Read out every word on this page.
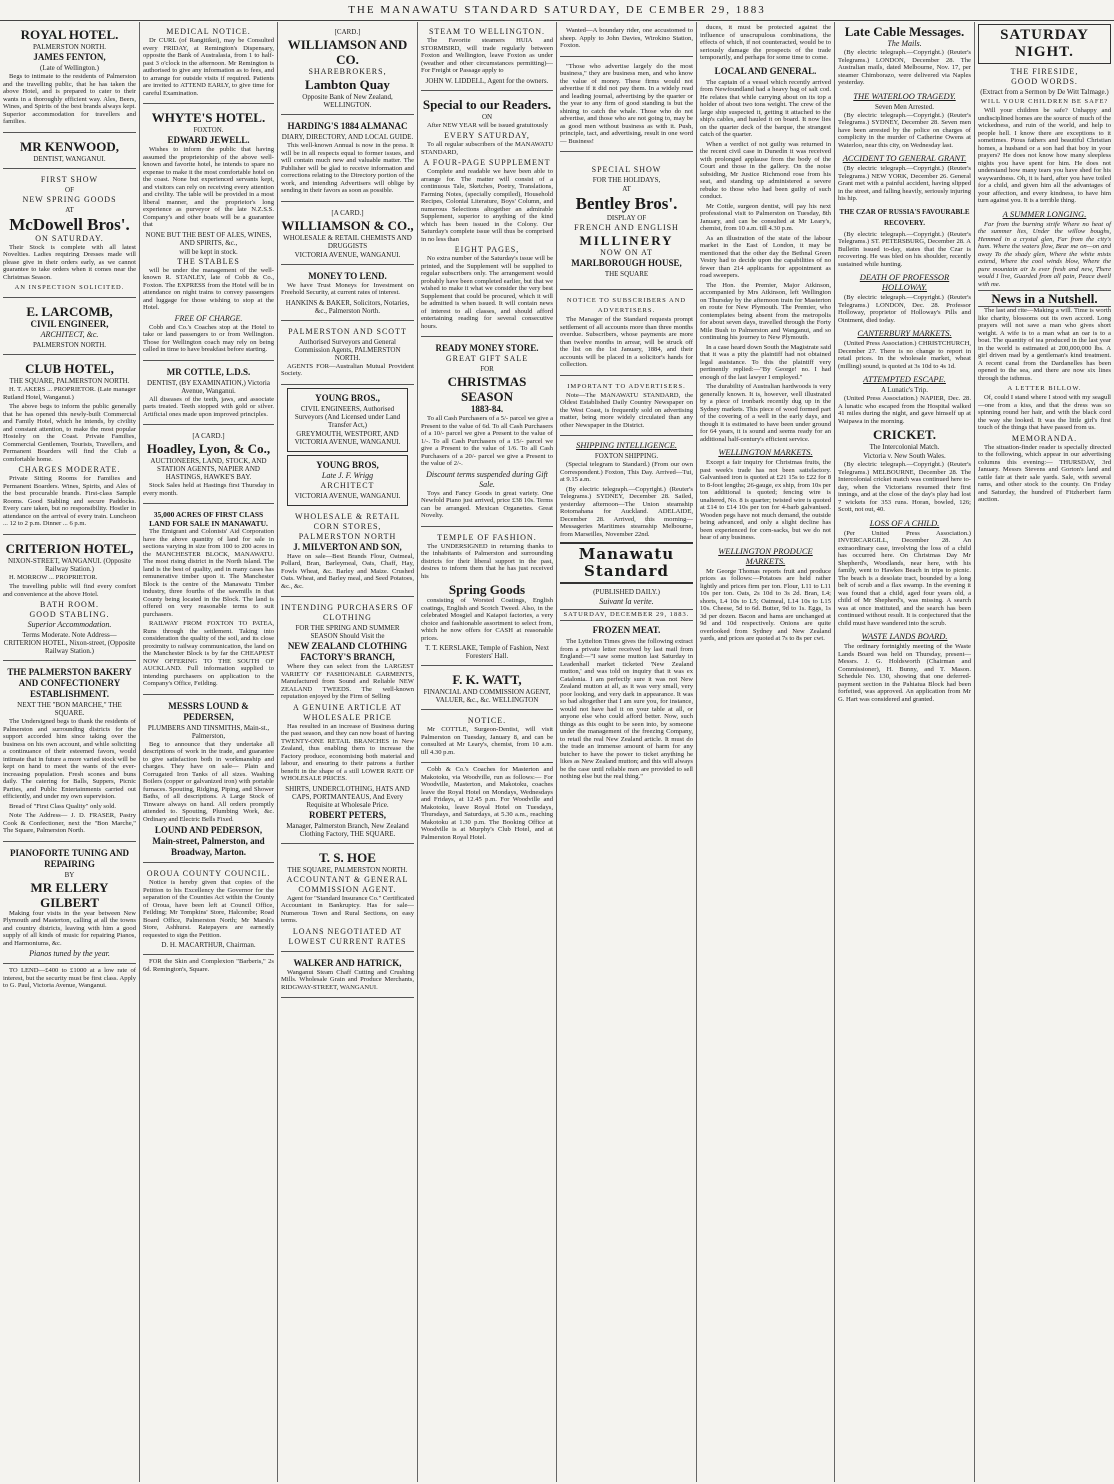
THE MANAWATU STANDARD SATURDAY, DE CEMBER 29, 1883
ROYAL HOTEL.
PALMERSTON NORTH.
JAMES FENTON,
(Late of Wellington.)

Begs to intimate to the residents of Palmerston and the travelling public, that he has taken the above Hotel, and is prepared to cater to their wants in a thoroughly efficient way. Ales, Beers, Wines, and Spirits of the best brands always kept. Superior accommodation for travellers and families.

MR KENWOOD,
DENTIST, WANGANUI.
FIRST SHOW
OF
NEW SPRING GOODS
AT
McDowell Bros'.
ON SATURDAY.

Their Stock is complete with all latest Novelties. Ladies requiring Dresses made will please give in their orders early, as we cannot guarantee to take orders when it comes near the Christmas Season.

AN INSPECTION SOLICITED.
E. LARCOMB,
CIVIL ENGINEER,
ARCHITECT, &c.
PALMERSTON NORTH.
CLUB HOTEL,
THE SQUARE, PALMERSTON NORTH.

H. T. AKERS ... PROPRIETOR. (Late manager Rutland Hotel, Wanganui.)

The above begs to inform the public generally that he has opened this newly-built Commercial and Family Hotel, which he intends, by civility and constant attention, to make the most popular Hostelry on the Coast. Private Families, Commercial Gentlemen, Tourists, Travellers, and Permanent Boarders will find the Club a comfortable home.

CHARGES MODERATE.

Private Sitting Rooms for Families and Permanent Boarders. Wines, Spirits, and Ales of the best procurable brands. First-class Sample Rooms. Good Stabling and secure Paddocks. Every care taken, but no responsibility. Hostler in attendance on the arrival of every train. Luncheon ... 12 to 2 p.m. Dinner ... 6 p.m.

CRITERION HOTEL,
NIXON-STREET, WANGANUI. (Opposite Railway Station.)

H. MORROW ... PROPRIETOR.

The travelling public will find every comfort and convenience at the above Hotel.

BATH ROOM.
GOOD STABLING.
Superior Accommodation.
Terms Moderate. Note Address— CRITERION HOTEL, Nixon-street, (Opposite Railway Station.)
THE PALMERSTON BAKERY AND CONFECTIONERY ESTABLISHMENT.
NEXT THE "BON MARCHE," THE SQUARE.

The Undersigned begs to thank the residents of Palmerston and surrounding districts for the support accorded him since taking over the business on his own account, and while soliciting a continuance of their esteemed favors, would intimate that in future a more varied stock will be kept on hand to meet the wants of the ever-increasing population. Fresh scones and buns daily. The catering for Balls, Suppers, Picnic Parties, and Public Entertainments carried out efficiently, and under my own supervision.

Bread of "First Class Quality" only sold.

Note The Address— J. D. FRASER, Pastry Cook & Confectioner, next the "Bon Marche," The Square, Palmerston North.

PIANOFORTE TUNING AND REPAIRING
BY
MR ELLERY GILBERT

Making four visits in the year between New Plymouth and Masterton, calling at all the towns and country districts, leaving with him a good supply of all kinds of music for repairing Pianos, and Harmoniums, &c.

Pianos tuned by the year.

TO LEND—£400 to £1000 at a low rate of interest, but the security must be first class. Apply to G. Paul, Victoria Avenue, Wanganui.

MEDICAL NOTICE.

Dr CURL (of Rangitikei), may be Consulted every FRIDAY, at Remington's Dispensary, opposite the Bank of Australasia, from 1 to half-past 3 o'clock in the afternoon. Mr Remington is authorised to give any information as to fees, and to arrange for outside visits if required. Patients are invited to ATTEND EARLY, to give time for careful Examination.

WHYTE'S HOTEL.
FOXTON.
EDWARD JEWELL.

Wishes to inform the public that having assumed the proprietorship of the above well-known and favorite hotel, he intends to spare no expense to make it the most comfortable hotel on the coast. None but experienced servants kept, and visitors can rely on receiving every attention and civility. The table will be provided in a most liberal manner, and the proprietor's long experience as purveyor of the late N.Z.S.S. Company's and other boats will be a guarantee that

NONE BUT THE BEST OF ALES, WINES, AND SPIRITS, &c.,
will be kept in stock.
THE STABLES

will be under the management of the well-known R. STANLEY, late of Cobb & Co., Foxton. The EXPRESS from the Hotel will be in attendance on night trains to convey passengers and luggage for those wishing to stop at the Hotel.

FREE OF CHARGE.

Cobb and Co.'s Coaches stop at the Hotel to take or land passengers to or from Wellington. Those for Wellington coach may rely on being called in time to have breakfast before starting.

MR COTTLE, L.D.S.
DENTIST, (BY EXAMINATION,) Victoria Avenue, Wanganui.

All diseases of the teeth, jaws, and associate parts treated. Teeth stopped with gold or silver. Artificial ones made upon improved principles.

[A CARD.]
Hoadley, Lyon, & Co.,
AUCTIONEERS, LAND, STOCK, AND STATION AGENTS, NAPIER AND HASTINGS, HAWKE'S BAY.

Stock Sales held at Hastings first Thursday in every month.

35,000 ACRES OF FIRST CLASS LAND FOR SALE IN MANAWATU.

The Emigrant and Colonists' Aid Corporation have the above quantity of land for sale in sections varying in size from 100 to 200 acres in the MANCHESTER BLOCK, MANAWATU. The most rising district in the North Island. The land is the best of quality, and in many cases has remunerative timber upon it. The Manchester Block is the centre of the Manawatu Timber industry, three fourths of the sawmills in that County being located in the Block. The land is offered on very reasonable terms to suit purchasers.

RAILWAY FROM FOXTON TO PATEA, Runs through the settlement. Taking into consideration the quality of the soil, and its close proximity to railway communication, the land on the Manchester Block is by far the CHEAPEST NOW OFFERING TO THE SOUTH OF AUCKLAND. Full information supplied to intending purchasers on application to the Company's Office, Feilding.

MESSRS LOUND & PEDERSEN,
PLUMBERS AND TINSMITHS, Main-st., Palmerston,

Beg to announce that they undertake all descriptions of work in the trade, and guarantee to give satisfaction both in workmanship and charges. They have on sale— Plain and Corrugated Iron Tanks of all sizes. Washing Boilers (copper or galvanized iron) with portable furnaces. Spouting, Ridging, Piping, and Shower Baths, of all descriptions. A Large Stock of Tinware always on hand. All orders promptly attended to. Spouting, Plumbing Work, &c. Ordinary and Electric Bells Fixed.

LOUND AND PEDERSON, Main-street, Palmerston, and Broadway, Marton.
OROUA COUNTY COUNCIL.

Notice is hereby given that copies of the Petition to his Excellency the Governor for the separation of the Counties Act within the County of Oroua, have been left at Council Office, Feilding; Mr Tompkins' Store, Halcombe; Road Board Office, Palmerston North; Mr Marsh's Store, Ashhurst. Ratepayers are earnestly requested to sign the Petition.

D. H. MACARTHUR, Chairman.

FOR the Skin and Complexion "Barberis," 2s 6d. Remington's, Square.

[CARD.]
WILLIAMSON AND CO.
SHAREBROKERS,
Lambton Quay
Opposite Bank of New Zealand, WELLINGTON.
HARDING'S 1884 ALMANAC
DIARY, DIRECTORY, AND LOCAL GUIDE.

This well-known Annual is now in the press. It will be in all respects equal to former issues, and will contain much new and valuable matter. The Publisher will be glad to receive information and corrections relating to the Directory portion of the work, and intending Advertisers will oblige by sending in their favors as soon as possible.

[A CARD.]
WILLIAMSON & CO.,
WHOLESALE & RETAIL CHEMISTS AND DRUGGISTS
VICTORIA AVENUE, WANGANUI.
MONEY TO LEND.

We have Trust Moneys for Investment on Freehold Security, at current rates of interest.

HANKINS & BAKER, Solicitors, Notaries, &c., Palmerston North.
PALMERSTON AND SCOTT
Authorised Surveyors and General Commission Agents, PALMERSTON NORTH.

AGENTS FOR—Australian Mutual Provident Society.

YOUNG BROS.,
CIVIL ENGINEERS, Authorised Surveyors (And Licensed under Land Transfer Act,)
GREYMOUTH, WESTPORT, AND VICTORIA AVENUE, WANGANUI.
YOUNG BROS,
Late J. F. Wrigg
ARCHITECT
VICTORIA AVENUE, WANGANUI.
WHOLESALE & RETAIL CORN STORES,
PALMERSTON NORTH
J. MILVERTON AND SON,

Have on sale—Best Brands Flour, Oatmeal, Pollard, Bran, Barleymeal, Oats, Chaff, Hay, Fowls Wheat, &c. Barley and Maize. Crushed Oats. Wheat, and Barley meal, and Seed Potatoes, &c., &c.

INTENDING PURCHASERS OF CLOTHING
FOR THE SPRING AND SUMMER SEASON Should Visit the
NEW ZEALAND CLOTHING FACTORY'S BRANCH,

Where they can select from the LARGEST VARIETY OF FASHIONABLE GARMENTS, Manufactured from Sound and Reliable NEW ZEALAND TWEEDS. The well-known reputation enjoyed by the Firm of Selling

A GENUINE ARTICLE AT WHOLESALE PRICE

Has resulted in an increase of Business during the past season, and they can now boast of having TWENTY-ONE RETAIL BRANCHES in New Zealand, thus enabling them to increase the Factory produce, economising both material and labour, and ensuring to their patrons a further benefit in the shape of a still LOWER RATE OF WHOLESALE PRICES.

SHIRTS, UNDERCLOTHING, HATS AND CAPS, PORTMANTEAUS, And Every Requisite at Wholesale Price.
ROBERT PETERS,
Manager, Palmerston Branch, New Zealand Clothing Factory, THE SQUARE.
T. S. HOE
THE SQUARE, PALMERSTON NORTH.
ACCOUNTANT & GENERAL COMMISSION AGENT.

Agent for "Standard Insurance Co." Certificated Accountant in Bankruptcy. Has for sale—Numerous Town and Rural Sections, on easy terms.

LOANS NEGOTIATED AT LOWEST CURRENT RATES
WALKER AND HATRICK,

Wanganui Steam Chaff Cutting and Crushing Mills. Wholesale Grain and Produce Merchants, RIDGWAY-STREET, WANGANUI.

STEAM TO WELLINGTON.

The Favorite steamers HUIA and STORMBIRD, will trade regularly between Foxton and Wellington, leave Foxton as under (weather and other circumstances permitting)— For Freight or Passage apply to

JOHN W. LIDDELL, Agent for the owners.
Special to our Readers.
ON

After NEW YEAR will be issued gratuitously

EVERY SATURDAY,

To all regular subscribers of the MANAWATU STANDARD,

A FOUR-PAGE SUPPLEMENT

Complete and readable we have been able to arrange for. The matter will consist of a continuous Tale, Sketches, Poetry, Translations, Farming Notes, (specially compiled), Household Recipes, Colonial Literature, Boys' Column, and numerous Selections altogether an admirable Supplement, superior to anything of the kind which has been issued in the Colony. Our Saturday's complete issue will thus be comprised in no less than

EIGHT PAGES,

No extra number of the Saturday's issue will be printed, and the Supplement will be supplied to regular subscribers only. The arrangement would probably have been completed earlier, but that we wished to make it what we consider the very best Supplement that could be procured, which it will be admitted is when issued. It will contain news of interest to all classes, and should afford entertaining reading for several consecutive hours.

READY MONEY STORE.
GREAT GIFT SALE
FOR
CHRISTMAS SEASON
1883-84.

To all Cash Purchasers of a 5/- parcel we give a Present to the value of 6d. To all Cash Purchasers of a 10/- parcel we give a Present to the value of 1/-. To all Cash Purchasers of a 15/- parcel we give a Present to the value of 1/6. To all Cash Purchasers of a 20/- parcel we give a Present to the value of 2/-.

Discount terms suspended during Gift Sale.

Toys and Fancy Goods in great variety. One Newfold Piano just arrived, price £38 10s. Terms can be arranged. Mexican Organettes. Great Novelty.

TEMPLE OF FASHION.

The UNDERSIGNED in returning thanks to the inhabitants of Palmerston and surrounding districts for their liberal support in the past, desires to inform them that he has just received his

Spring Goods

consisting of Worsted Coatings, English coatings, English and Scotch Tweed. Also, in the celebrated Mosgiel and Kaiapoi factories, a very choice and fashionable assortment to select from, which he now offers for CASH at reasonable prices.

T. T. KERSLAKE, Temple of Fashion, Next Foresters' Hall.
F. K. WATT,
FINANCIAL AND COMMISSION AGENT, VALUER, &c., &c. WELLINGTON
NOTICE.

Mr COTTLE, Surgeon-Dentist, will visit Palmerston on Tuesday, January 8, and can be consulted at Mr Leary's, chemist, from 10 a.m. till 4.30 p.m.

Cobb & Co.'s Coaches for Masterton and Makotoku, via Woodville, run as follows:— For Woodville, Masterton, and Makotoku, coaches leave the Royal Hotel on Mondays, Wednesdays and Fridays, at 12.45 p.m. For Woodville and Makotoku, leave Royal Hotel on Tuesdays, Thursdays, and Saturdays, at 5.30 a.m., reaching Makotoku at 1.30 p.m. The Booking Office at Woodville is at Murphy's Club Hotel, and at Palmerston Royal Hotel.

Wanted—A boundary rider, one accustomed to sheep. Apply to John Davies, Wirokino Station, Foxton.

"Those who advertise largely do the most business," they are business men, and who know the value of money. These firms would not advertise if it did not pay them. In a widely read and leading journal, advertising by the quarter or the year to any firm of good standing is but the shining to catch the whale. Those who do not advertise, and those who are not going to, may be as good men without business as with it. Push, principle, tact, and advertising, result in one word— Business!

SPECIAL SHOW
FOR THE HOLIDAYS,
AT
Bentley Bros'.
DISPLAY OF
FRENCH AND ENGLISH
MILLINERY
NOW ON AT
MARLBOROUGH HOUSE,
THE SQUARE
NOTICE TO SUBSCRIBERS AND ADVERTISERS.

The Manager of the Standard requests prompt settlement of all accounts more than three months overdue. Subscribers, whose payments are more than twelve months in arrear, will be struck off the list on the 1st January, 1884, and their accounts will be placed in a solicitor's hands for collection.

IMPORTANT TO ADVERTISERS.

Note—The MANAWATU STANDARD, the Oldest Established Daily Country Newspaper on the West Coast, is frequently sold on advertising matter, being more widely circulated than any other Newspaper in the District.

SHIPPING INTELLIGENCE.
FOXTON SHIPPING.

(Special telegram to Standard.) (From our own Correspondent.) Foxton, This Day. Arrived—Tui, at 9.15 a.m.

(By electric telegraph.—Copyright.) (Reuter's Telegrams.) SYDNEY, December 28. Sailed, yesterday afternoon—The Union steamship Rotomahana for Auckland. ADELAIDE, December 28. Arrived, this morning—Messageries Maritimes steamship Melbourne, from Marseilles, November 22nd.

Manawatu Standard
(PUBLISHED DAILY.)
Suivant la verite.
SATURDAY, DECEMBER 29, 1883.
FROZEN MEAT.

The Lyttelton Times gives the following extract from a private letter received by last mail from England:—"I saw some mutton last Saturday in Leadenhall market ticketed 'New Zealand mutton,' and was told on inquiry that it was ex Catalonia. I am perfectly sure it was not New Zealand mutton at all, as it was very small, very poor looking, and very dark in appearance. It was so bad altogether that I am sure you, for instance, would not have had it on your table at all, or anyone else who could afford better. Now, such things as this ought to be seen into, by someone under the management of the freezing Company, to retail the real New Zealand article. It must do the trade an immense amount of harm for any butcher to have the power to ticket anything he likes as New Zealand mutton; and this will always be the case until reliable men are provided to sell nothing else but the real thing."

duces, it must be protected against the influence of unscrupulous combinations, the effects of which, if not counteracted, would be to seriously damage the prospects of the trade temporarily, and perhaps for some time to come.

LOCAL AND GENERAL.

The captain of a vessel which recently arrived from Newfoundland had a heavy bag of salt cod. He relates that while carrying about on its top a holder of about two tons weight. The crew of the large ship suspected it, getting it attached to the ship's cables, and hauled it on board. It now lies on the quarter deck of the barque, the strangest catch of the quarter.

When a verdict of not guilty was returned in the recent civil case in Dunedin it was received with prolonged applause from the body of the Court and those in the gallery. On the noise subsiding, Mr Justice Richmond rose from his seat, and standing up administered a severe rebuke to those who had been guilty of such conduct.

Mr Cottle, surgeon dentist, will pay his next professional visit to Palmerston on Tuesday, 8th January, and can be consulted at Mr Leary's, chemist, from 10 a.m. till 4.30 p.m.

As an illustration of the state of the labour market in the East of London, it may be mentioned that the other day the Bethnal Green Vestry had to decide upon the capabilities of no fewer than 214 applicants for appointment as road sweepers.

The Hon. the Premier, Major Atkinson, accompanied by Mrs Atkinson, left Wellington on Thursday by the afternoon train for Masterton en route for New Plymouth. The Premier, who contemplates being absent from the metropolis for about seven days, travelled through the Forty Mile Bush to Palmerston and Wanganui, and so continuing his journey to New Plymouth.

In a case heard down South the Magistrate said that it was a pity the plaintiff had not obtained legal assistance. To this the plaintiff very pertinently replied:—"By George! no. I had enough of the last lawyer I employed."

The durability of Australian hardwoods is very generally known. It is, however, well illustrated by a piece of ironbark recently dug up in the Sydney markets. This piece of wood formed part of the covering of a well in the early days, and though it is estimated to have been under ground for 64 years, it is sound and seems ready for an additional half-century's efficient service.

WELLINGTON MARKETS.

Except a fair inquiry for Christmas fruits, the past week's trade has not been satisfactory. Galvanised iron is quoted at £21 15s to £22 for 8 to 8-foot lengths; 26-gauge, ex ship, from 10s per ton additional is quoted; fencing wire is unaltered, No. 8 is quarter; twisted wire is quoted at £14 to £14 10s per ton for 4-barb galvanised. Wooden pegs have not much demand, the outside being advanced, and only a slight decline has been experienced for corn-sacks, but we do not hear of any business.

WELLINGTON PRODUCE MARKETS.

Mr George Thomas reports fruit and produce prices as follows:—Potatoes are held rather lightly and prices firm per ton. Flour, L11 to L11 10s per ton. Oats, 2s 10d to 3s 2d. Bran, L4; shorts, L4 10s to L5; Oatmeal, L14 10s to L15 10s. Cheese, 5d to 6d. Butter, 9d to 1s. Eggs, 1s 3d per dozen. Bacon and hams are unchanged at 9d and 10d respectively. Onions are quite overlooked from Sydney and New Zealand yards, and prices are quoted at 7s to 8s per cwt.

Late Cable Messages.
The Mails.

(By electric telegraph.—Copyright.) (Reuter's Telegrams.) LONDON, December 28. The Australian mails, dated Melbourne, Nov. 17, per steamer Chimborazo, were delivered via Naples yesterday.

THE WATERLOO TRAGEDY.
Seven Men Arrested.

(By electric telegraph.—Copyright.) (Reuter's Telegrams.) SYDNEY, December 28. Seven men have been arrested by the police on charges of complicity in the murder of Catherine Owens at Waterloo, near this city, on Wednesday last.

ACCIDENT TO GENERAL GRANT.

(By electric telegraph.—Copyright.) (Reuter's Telegrams.) NEW YORK, December 26. General Grant met with a painful accident, having slipped in the street, and falling heavily, seriously injuring his hip.

THE CZAR OF RUSSIA'S FAVOURABLE RECOVERY.

(By electric telegraph.—Copyright.) (Reuter's Telegrams.) ST. PETERSBURG, December 28. A Bulletin issued to-day, states that the Czar is recovering. He was bled on his shoulder, recently sustained while hunting.

DEATH OF PROFESSOR HOLLOWAY.

(By electric telegraph.—Copyright.) (Reuter's Telegrams.) LONDON, Dec. 28. Professor Holloway, proprietor of Holloway's Pills and Ointment, died today.

CANTERBURY MARKETS.

(United Press Association.) CHRISTCHURCH, December 27. There is no change to report in retail prices. In the wholesale market, wheat (milling) sound, is quoted at 3s 10d to 4s 1d.

ATTEMPTED ESCAPE.
A Lunatic's Trip.

(United Press Association.) NAPIER, Dec. 28. A lunatic who escaped from the Hospital walked 41 miles during the night, and gave himself up at Waipawa in the morning.

CRICKET.
The Intercolonial Match.
Victoria v. New South Wales.

(By electric telegraph.—Copyright.) (Reuter's Telegrams.) MELBOURNE, December 28. The Intercolonial cricket match was continued here to-day, when the Victorians resumed their first innings, and at the close of the day's play had lost 7 wickets for 353 runs. Horan, bowled, 126; Scott, not out, 40.

LOSS OF A CHILD.

(Per United Press Association.) INVERCARGILL, December 28. An extraordinary case, involving the loss of a child has occurred here. On Christmas Day Mr Shepherd's, Woodlands, near here, with his family, went to Hawkes Beach in trips to picnic. The beach is a desolate tract, bounded by a long belt of scrub and a flax swamp. In the evening it was found that a child, aged four years old, a child of Mr Shepherd's, was missing. A search was at once instituted, and the search has been continued without result. It is conjectured that the child must have wandered into the scrub.

WASTE LANDS BOARD.

The ordinary fortnightly meeting of the Waste Lands Board was held on Thursday, present—Messrs. J. G. Holdsworth (Chairman and Commissioner), H. Bunny, and T. Mason. Schedule No. 130, showing that one deferred-payment section in the Pahiatua Block had been forfeited, was approved. An application from Mr G. Hart was considered and granted.

SATURDAY NIGHT.
THE FIRESIDE,
GOOD WORDS.
(Extract from a Sermon by De Witt Talmage.)
WILL YOUR CHILDREN BE SAFE?

Will your children be safe? Unhappy and undisciplined homes are the source of much of the wickedness, and ruin of the world, and help to people hell. I know there are exceptions to it sometimes. Pious fathers and beautiful Christian homes, a husband or a son had that boy in your prayers? He does not know how many sleepless nights you have spent for him. He does not understand how many tears you have shed for his waywardness. Oh, it is hard, after you have toiled for a child, and given him all the advantages of your affection, and every kindness, to have him turn against you. It is a terrible thing.

A SUMMER LONGING.

Far from the burning strife Where no heat of the summer lies, Under the willow boughs, Hemmed in a crystal glen, Far from the city's hum. Where the waters flow, Bear me on—on and away To the shady glen, Where the white mists extend, Where the cool winds blow, Where the pure mountain air Is ever fresh and new, There would I live, Guarded from all pain, Peace dwell with me.

News in a Nutshell.

The last and rite—Making a will. Time is worth like charity, blossoms out its own accord. Long prayers will not save a man who gives short weight. A wife is to a man what an oar is to a boat. The quantity of tea produced in the last year in the world is estimated at 200,000,000 lbs. A girl driven mad by a gentleman's kind treatment. A recent canal from the Dardanelles has been opened to the sea, and there are now six lines through the isthmus.

A LETTER BILLOW.

Of, could I stand where I stood with my seagull—one from a kiss, and that the dress was so spinning round her hair, and with the black cord the way she looked. It was the little girl's first touch of the things that have passed from us.

MEMORANDA.

The situation-finder reader is specially directed to the following, which appear in our advertising columns this evening:— THURSDAY, 3rd January. Messrs Stevens and Gorton's land and cattle fair at their sale yards. Sale, with several rams, and other stock to the county. On Friday and Saturday, the hundred of Fitzherbert farm auction.
